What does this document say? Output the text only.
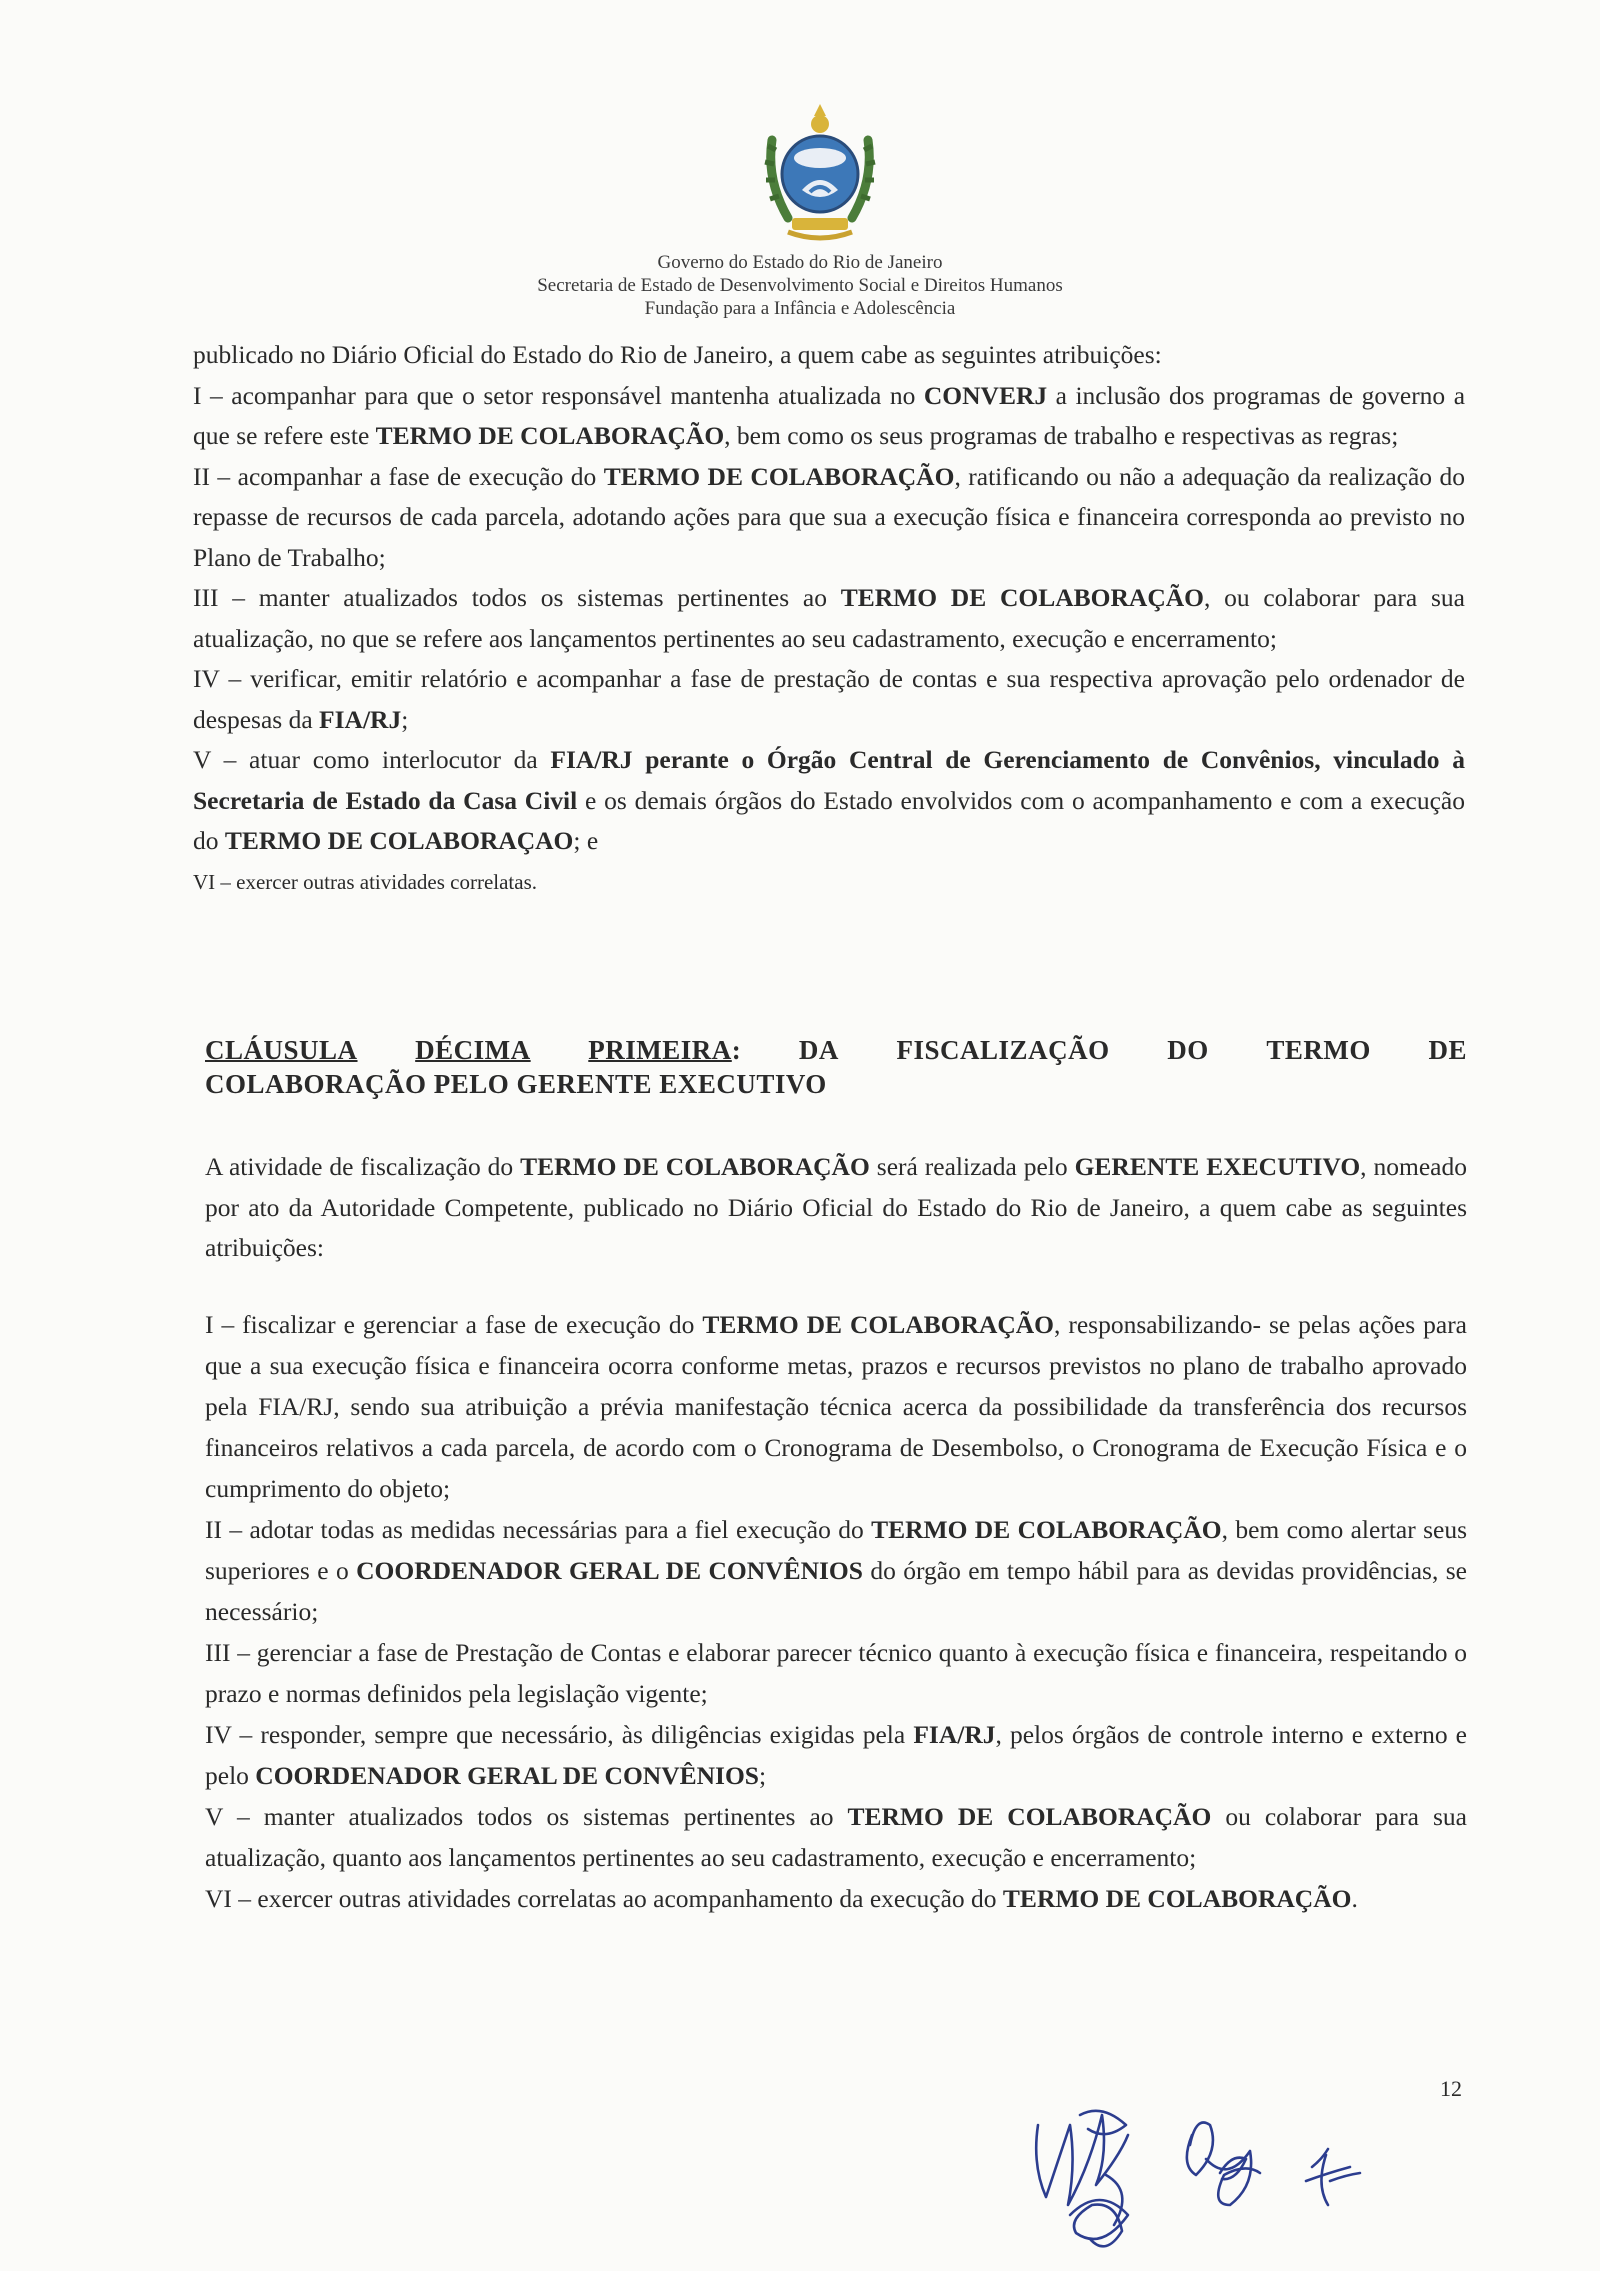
Governo do Estado do Rio de Janeiro
Secretaria de Estado de Desenvolvimento Social e Direitos Humanos
Fundação para a Infância e Adolescência

publicado no Diário Oficial do Estado do Rio de Janeiro, a quem cabe as seguintes atribuições:

I – acompanhar para que o setor responsável mantenha atualizada no CONVERJ a inclusão dos programas de governo a que se refere este TERMO DE COLABORAÇÃO, bem como os seus programas de trabalho e respectivas as regras;

II – acompanhar a fase de execução do TERMO DE COLABORAÇÃO, ratificando ou não a adequação da realização do repasse de recursos de cada parcela, adotando ações para que sua a execução física e financeira corresponda ao previsto no Plano de Trabalho;

III – manter atualizados todos os sistemas pertinentes ao TERMO DE COLABORAÇÃO, ou colaborar para sua atualização, no que se refere aos lançamentos pertinentes ao seu cadastramento, execução e encerramento;

IV – verificar, emitir relatório e acompanhar a fase de prestação de contas e sua respectiva aprovação pelo ordenador de despesas da FIA/RJ;

V – atuar como interlocutor da FIA/RJ perante o Órgão Central de Gerenciamento de Convênios, vinculado à Secretaria de Estado da Casa Civil e os demais órgãos do Estado envolvidos com o acompanhamento e com a execução do TERMO DE COLABORAÇAO; e

VI – exercer outras atividades correlatas.

CLÁUSULA DÉCIMA PRIMEIRA: DA FISCALIZAÇÃO DO TERMO DE
COLABORAÇÃO PELO GERENTE EXECUTIVO

A atividade de fiscalização do TERMO DE COLABORAÇÃO será realizada pelo GERENTE EXECUTIVO, nomeado por ato da Autoridade Competente, publicado no Diário Oficial do Estado do Rio de Janeiro, a quem cabe as seguintes atribuições:

I – fiscalizar e gerenciar a fase de execução do TERMO DE COLABORAÇÃO, responsabilizando- se pelas ações para que a sua execução física e financeira ocorra conforme metas, prazos e recursos previstos no plano de trabalho aprovado pela FIA/RJ, sendo sua atribuição a prévia manifestação técnica acerca da possibilidade da transferência dos recursos financeiros relativos a cada parcela, de acordo com o Cronograma de Desembolso, o Cronograma de Execução Física e o cumprimento do objeto;

II – adotar todas as medidas necessárias para a fiel execução do TERMO DE COLABORAÇÃO, bem como alertar seus superiores e o COORDENADOR GERAL DE CONVÊNIOS do órgão em tempo hábil para as devidas providências, se necessário;

III – gerenciar a fase de Prestação de Contas e elaborar parecer técnico quanto à execução física e financeira, respeitando o prazo e normas definidos pela legislação vigente;

IV – responder, sempre que necessário, às diligências exigidas pela FIA/RJ, pelos órgãos de controle interno e externo e pelo COORDENADOR GERAL DE CONVÊNIOS;

V – manter atualizados todos os sistemas pertinentes ao TERMO DE COLABORAÇÃO ou colaborar para sua atualização, quanto aos lançamentos pertinentes ao seu cadastramento, execução e encerramento;

VI – exercer outras atividades correlatas ao acompanhamento da execução do TERMO DE COLABORAÇÃO.

12
